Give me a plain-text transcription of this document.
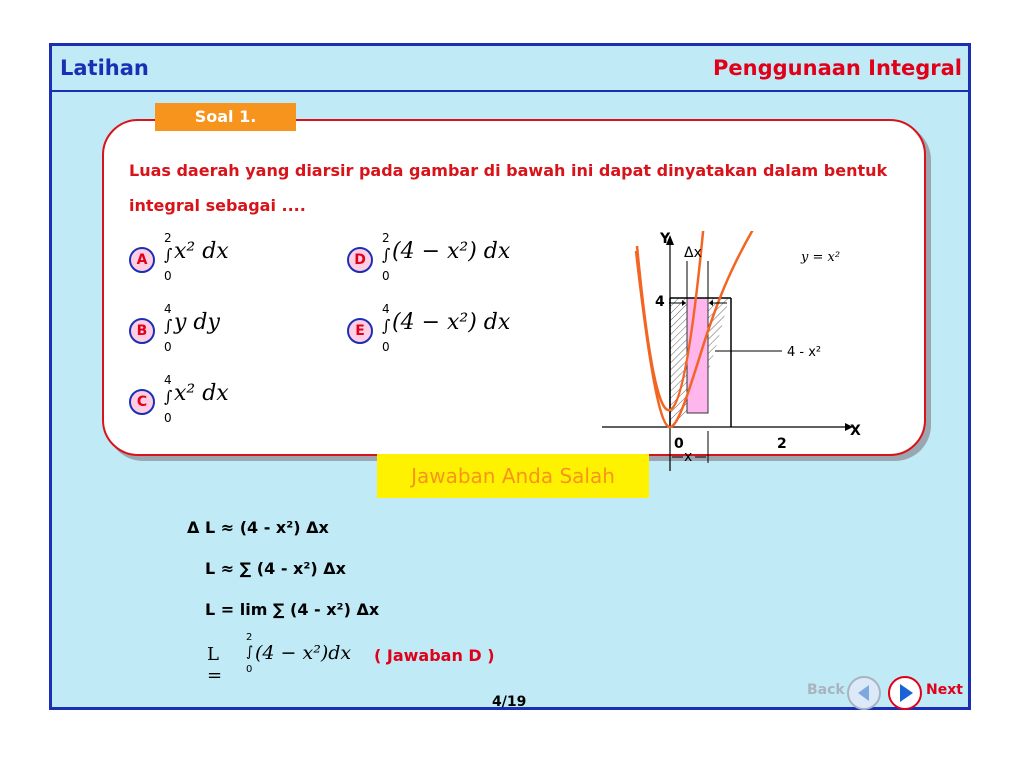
Latihan	Penggunaan Integral
Luas daerah yang diarsir pada gambar di bawah ini dapat dinyatakan dalam bentuk integral sebagai ....
A
2
∫
0
x² dx
B
4
∫
0
y dy
C
4
∫
0
x² dx
D
2
∫
0
(4 − x²) dx
E
4
∫
0
(4 − x²) dx
Soal 1.
Y
X
y = x²
Δx
4 - x²
4
0	2
x
Jawaban Anda Salah
Δ L ≈ (4 - x²) Δx
L ≈ ∑ (4 - x²) Δx
L = lim ∑ (4 - x²) Δx
L =
2
∫
0
(4 − x²)dx ( Jawaban D )
4/19
Back	Next
